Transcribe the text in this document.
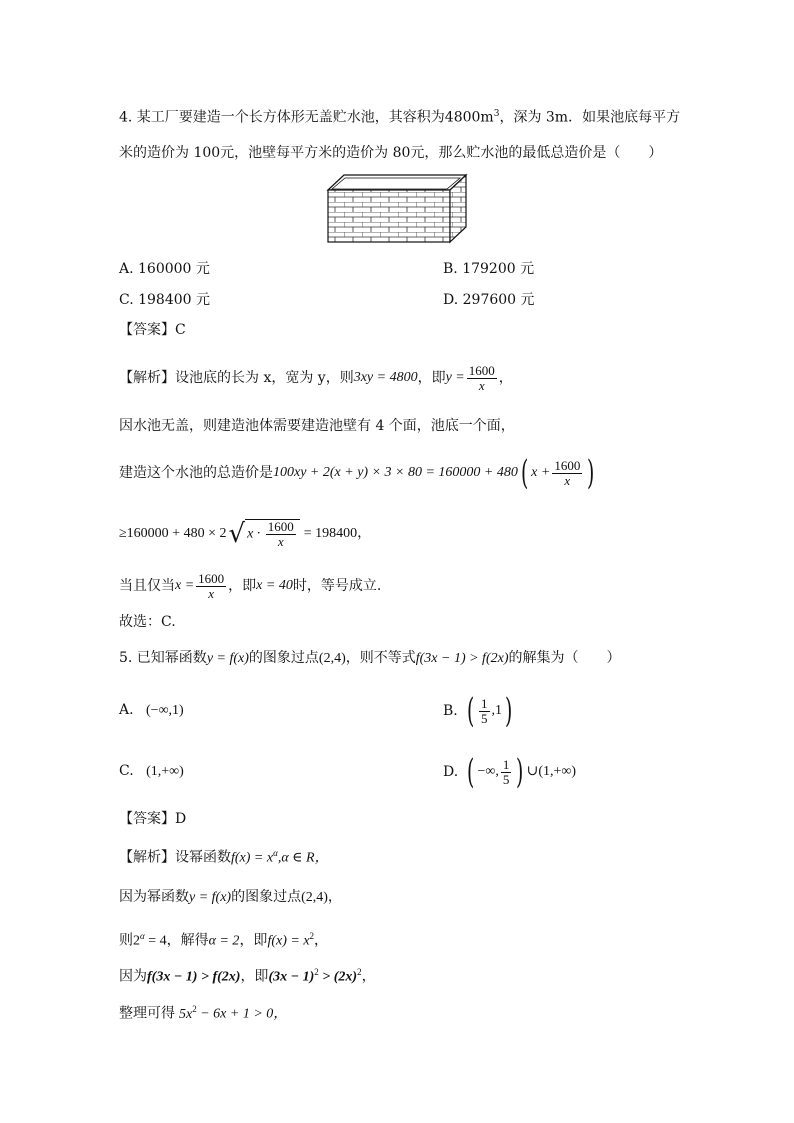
4. 某工厂要建造一个长方体形无盖贮水池，其容积为$4800m^3$，深为 3m．如果池底每平方
米的造价为 100元，池壁每平方米的造价为 80元，那么贮水池的最低总造价是（　　）
A. 160000 元	B. 179200 元
C. 198400 元	D. 297600 元
【答案】C
【解析】 设池底的长为 x，宽为 y，则 3xy = 4800 ，即 $y = \frac{1600}{x}$ ，
因水池无盖，则建造池体需要建造池壁有 4 个面，池底一个面，
建造这个水池的总造价是 100xy + 2(x + y) × 3 × 80 = 160000 + 480 ( $x + \frac{1600}{x}$ )
≥160000 + 480 × 2 √ $x \cdot \frac{1600}{x} = 198400$，
当且仅当 $x = \frac{1600}{x}$ ，即 x = 40 时，等号成立.
故选：C.
5. 已知幂函数y = f(x)的图象过点(2,4)，则不等式f(3x − 1) > f(2x)的解集为（　　）
A. (−∞,1)	B. ( $\frac{1}{5} ,1$ )
C. (1,+∞)	D. ( −∞, $\frac{1}{5}$ ) ∪(1,+∞)
【答案】D
【解析】设幂函数$f(x) = x^\alpha,\alpha$ ∈ R，
因为幂函数y = f(x)的图象过点(2,4)，
则$2^\alpha = 4$，解得α = 2，即$f(x) = x^2$，
因为f(3x − 1) > f(2x)，即$(3x - 1)^2 > (2x)^2$，
整理可得 $5x^2 - 6x + 1 > 0$，
